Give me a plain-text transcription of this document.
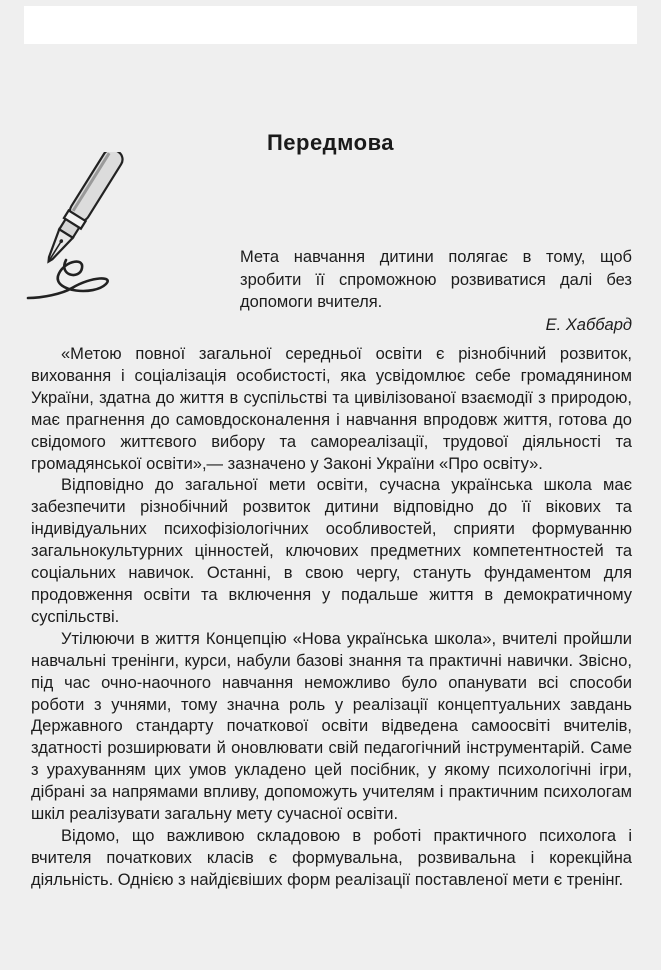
Передмова

Мета навчання дитини полягає в тому, щоб зробити її спроможною розвиватися далі без допомоги вчителя.

Е. Хаббард

«Метою повної загальної середньої освіти є різнобічний розвиток, виховання і соціалізація особистості, яка усвідомлює себе громадянином України, здатна до життя в суспільстві та цивілізованої взаємодії з природою, має прагнення до самовдосконалення і навчання впродовж життя, готова до свідомого життєвого вибору та самореалізації, трудової діяльності та громадянської освіти»,— зазначено у Законі України «Про освіту».

Відповідно до загальної мети освіти, сучасна українська школа має забезпечити різнобічний розвиток дитини відповідно до її вікових та індивідуальних психофізіологічних особливостей, сприяти формуванню загальнокультурних цінностей, ключових предметних компетентностей та соціальних навичок. Останні, в свою чергу, стануть фундаментом для продовження освіти та включення у подальше життя в демократичному суспільстві.

Утілюючи в життя Концепцію «Нова українська школа», вчителі пройшли навчальні тренінги, курси, набули базові знання та практичні навички. Звісно, під час очно-наочного навчання неможливо було опанувати всі способи роботи з учнями, тому значна роль у реалізації концептуальних завдань Державного стандарту початкової освіти відведена самоосвіті вчителів, здатності розширювати й оновлювати свій педагогічний інструментарій. Саме з урахуванням цих умов укладено цей посібник, у якому психологічні ігри, дібрані за напрямами впливу, допоможуть учителям і практичним психологам шкіл реалізувати загальну мету сучасної освіти.

Відомо, що важливою складовою в роботі практичного психолога і вчителя початкових класів є формувальна, розвивальна і корекційна діяльність. Однією з найдієвіших форм реалізації поставленої мети є тренінг.
